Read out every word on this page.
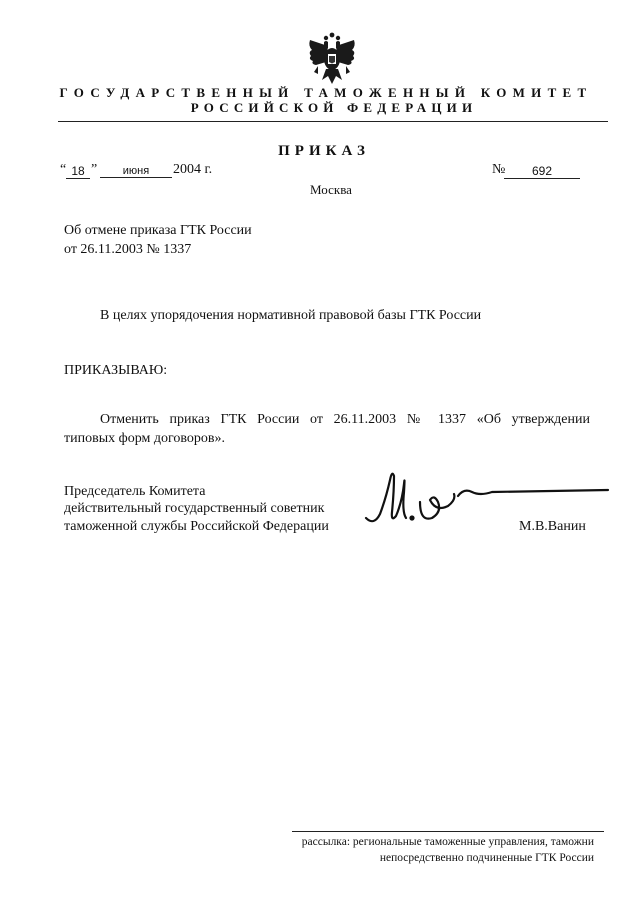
ГОСУДАРСТВЕННЫЙ ТАМОЖЕННЫЙ КОМИТЕТ
РОССИЙСКОЙ ФЕДЕРАЦИИ
ПРИКАЗ
“ 18 ”	июня	2004 г.	№	692
Москва
Об отмене приказа ГТК России
от 26.11.2003 № 1337
В целях упорядочения нормативной правовой базы ГТК России
ПРИКАЗЫВАЮ:
Отменить приказ ГТК России от 26.11.2003 № 1337 «Об утверждении
типовых форм договоров».
Председатель Комитета
действительный государственный советник
таможенной службы Российской Федерации	М.В.Ванин
рассылка: региональные таможенные управления, таможни
непосредственно подчиненные ГТК России
